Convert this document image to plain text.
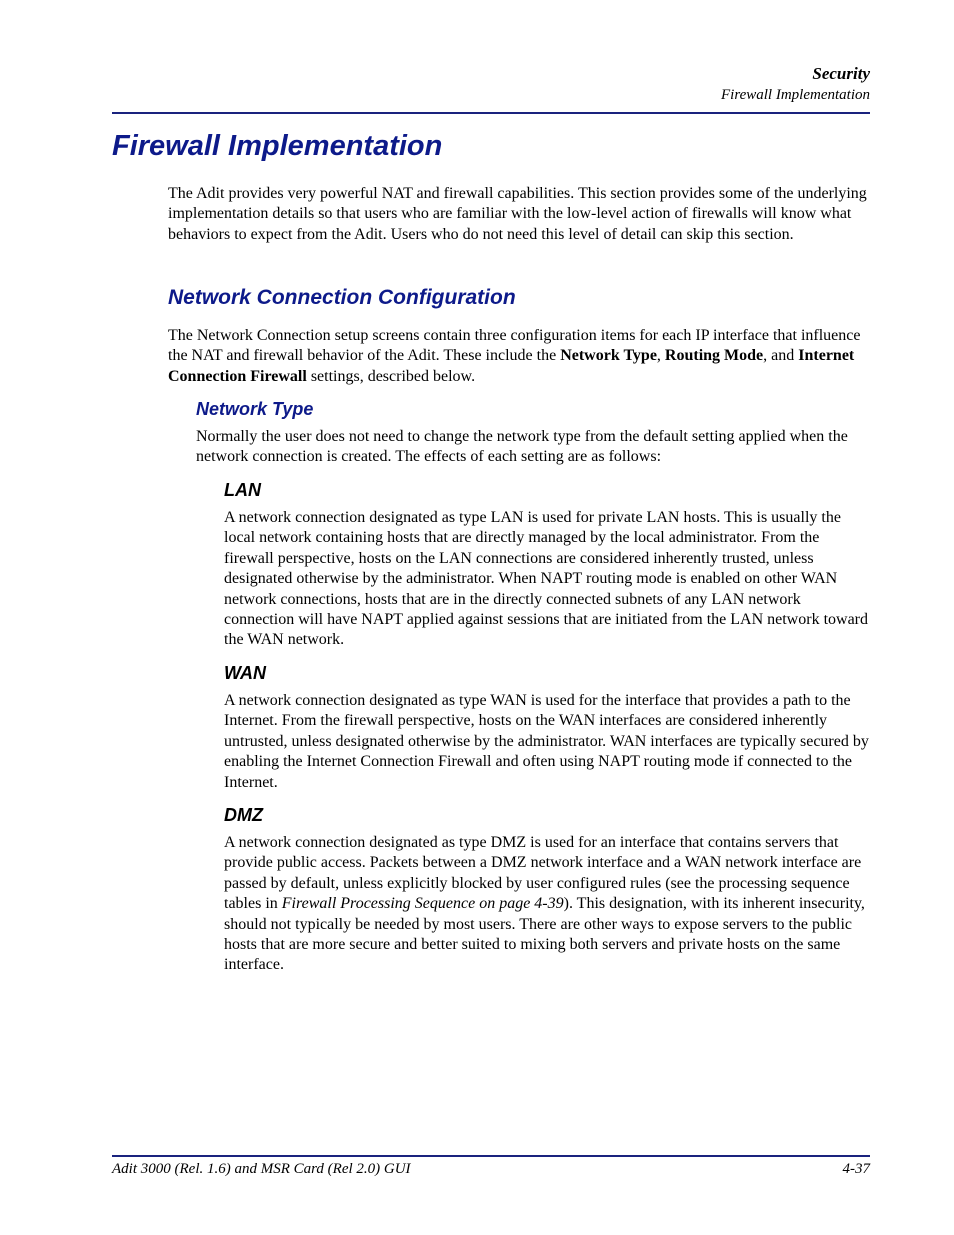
Security
Firewall Implementation
Firewall Implementation

The Adit provides very powerful NAT and firewall capabilities. This section provides some of the underlying implementation details so that users who are familiar with the low-level action of firewalls will know what behaviors to expect from the Adit. Users who do not need this level of detail can skip this section.

Network Connection Configuration

The Network Connection setup screens contain three configuration items for each IP interface that influence the NAT and firewall behavior of the Adit. These include the Network Type, Routing Mode, and Internet Connection Firewall settings, described below.

Network Type

Normally the user does not need to change the network type from the default setting applied when the network connection is created. The effects of each setting are as follows:

LAN

A network connection designated as type LAN is used for private LAN hosts. This is usually the local network containing hosts that are directly managed by the local administrator. From the firewall perspective, hosts on the LAN connections are considered inherently trusted, unless designated otherwise by the administrator. When NAPT routing mode is enabled on other WAN network connections, hosts that are in the directly connected subnets of any LAN network connection will have NAPT applied against sessions that are initiated from the LAN network toward the WAN network.

WAN

A network connection designated as type WAN is used for the interface that provides a path to the Internet. From the firewall perspective, hosts on the WAN interfaces are considered inherently untrusted, unless designated otherwise by the administrator. WAN interfaces are typically secured by enabling the Internet Connection Firewall and often using NAPT routing mode if connected to the Internet.

DMZ

A network connection designated as type DMZ is used for an interface that contains servers that provide public access. Packets between a DMZ network interface and a WAN network interface are passed by default, unless explicitly blocked by user configured rules (see the processing sequence tables in Firewall Processing Sequence on page 4-39). This designation, with its inherent insecurity, should not typically be needed by most users. There are other ways to expose servers to the public hosts that are more secure and better suited to mixing both servers and private hosts on the same interface.

Adit 3000 (Rel. 1.6) and MSR Card (Rel 2.0) GUI	4-37
